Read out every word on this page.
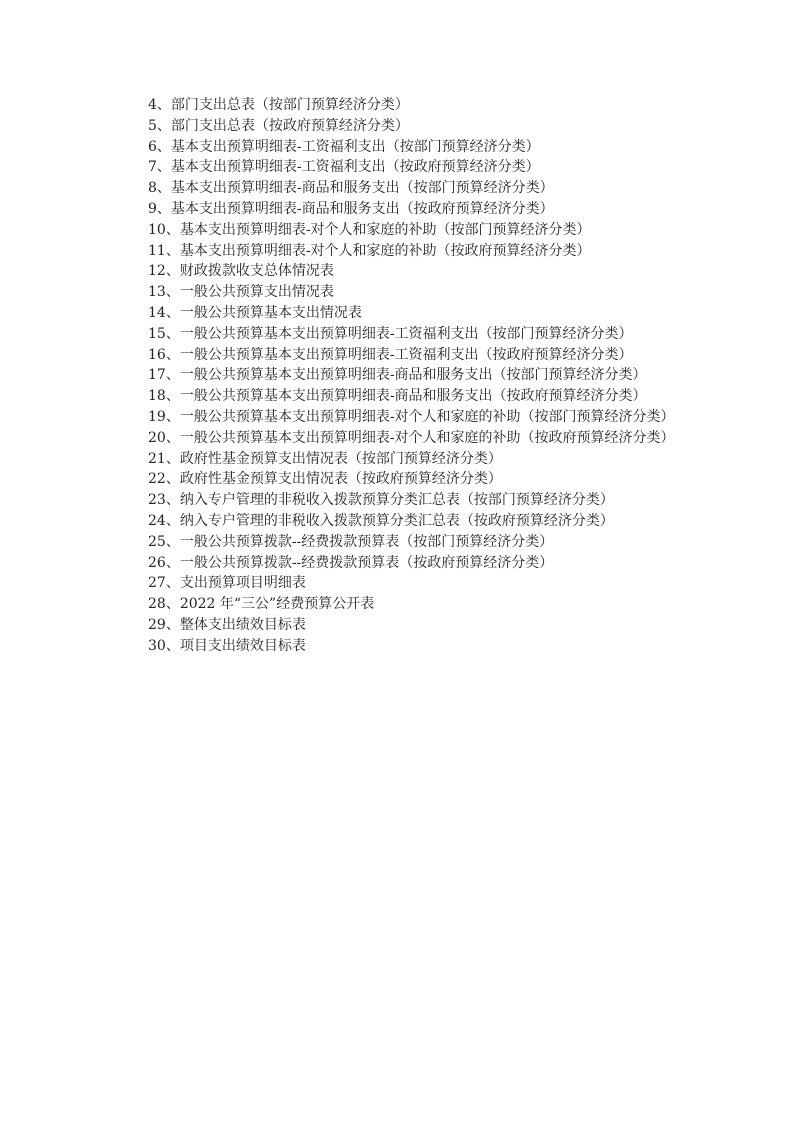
4、部门支出总表（按部门预算经济分类）

5、部门支出总表（按政府预算经济分类）

6、基本支出预算明细表-工资福利支出（按部门预算经济分类）

7、基本支出预算明细表-工资福利支出（按政府预算经济分类）

8、基本支出预算明细表-商品和服务支出（按部门预算经济分类）

9、基本支出预算明细表-商品和服务支出（按政府预算经济分类）

10、基本支出预算明细表-对个人和家庭的补助（按部门预算经济分类）

11、基本支出预算明细表-对个人和家庭的补助（按政府预算经济分类）

12、财政拨款收支总体情况表

13、一般公共预算支出情况表

14、一般公共预算基本支出情况表

15、一般公共预算基本支出预算明细表-工资福利支出（按部门预算经济分类）

16、一般公共预算基本支出预算明细表-工资福利支出（按政府预算经济分类）

17、一般公共预算基本支出预算明细表-商品和服务支出（按部门预算经济分类）

18、一般公共预算基本支出预算明细表-商品和服务支出（按政府预算经济分类）

19、一般公共预算基本支出预算明细表-对个人和家庭的补助（按部门预算经济分类）

20、一般公共预算基本支出预算明细表-对个人和家庭的补助（按政府预算经济分类）

21、政府性基金预算支出情况表（按部门预算经济分类）

22、政府性基金预算支出情况表（按政府预算经济分类）

23、纳入专户管理的非税收入拨款预算分类汇总表（按部门预算经济分类）

24、纳入专户管理的非税收入拨款预算分类汇总表（按政府预算经济分类）

25、一般公共预算拨款--经费拨款预算表（按部门预算经济分类）

26、一般公共预算拨款--经费拨款预算表（按政府预算经济分类）

27、支出预算项目明细表

28、2022 年“三公”经费预算公开表

29、整体支出绩效目标表

30、项目支出绩效目标表
